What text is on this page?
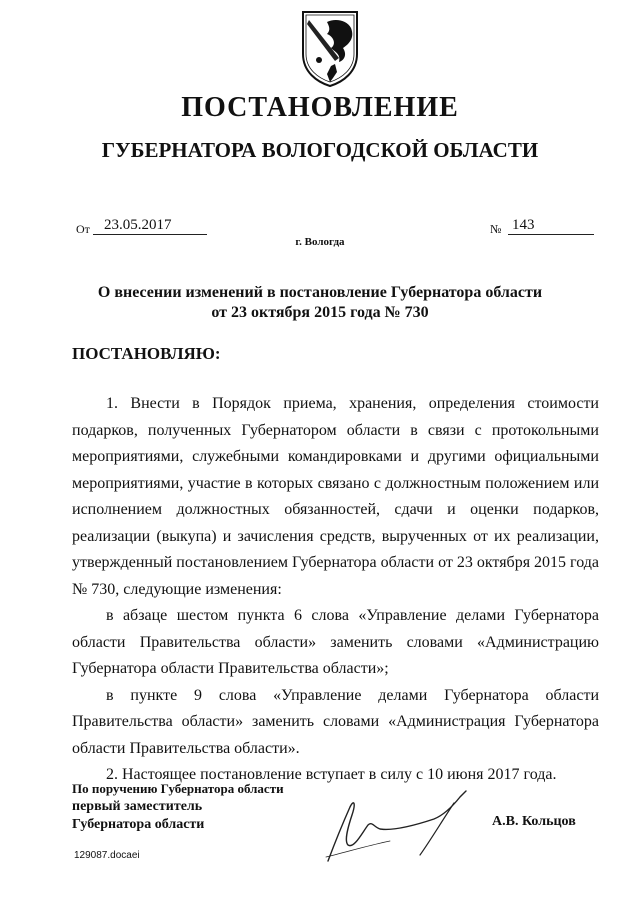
ПОСТАНОВЛЕНИЕ
ГУБЕРНАТОРА ВОЛОГОДСКОЙ ОБЛАСТИ
От 23.05.2017	№ 143
г. Вологда
О внесении изменений в постановление Губернатора области
от 23 октября 2015 года № 730
ПОСТАНОВЛЯЮ:

1. Внести в Порядок приема, хранения, определения стоимости подарков, полученных Губернатором области в связи с протокольными мероприятиями, служебными командировками и другими официальными мероприятиями, участие в которых связано с должностным положением или исполнением должностных обязанностей, сдачи и оценки подарков, реализации (выкупа) и зачисления средств, вырученных от их реализации, утвержденный постановлением Губернатора области от 23 октября 2015 года № 730, следующие изменения:

в абзаце шестом пункта 6 слова «Управление делами Губернатора области Правительства области» заменить словами «Администрацию Губернатора области Правительства области»;

в пункте 9 слова «Управление делами Губернатора области Правительства области» заменить словами «Администрация Губернатора области Правительства области».

2. Настоящее постановление вступает в силу с 10 июня 2017 года.

По поручению Губернатора области
первый заместитель
Губернатора области	А.В. Кольцов
129087.docaei
